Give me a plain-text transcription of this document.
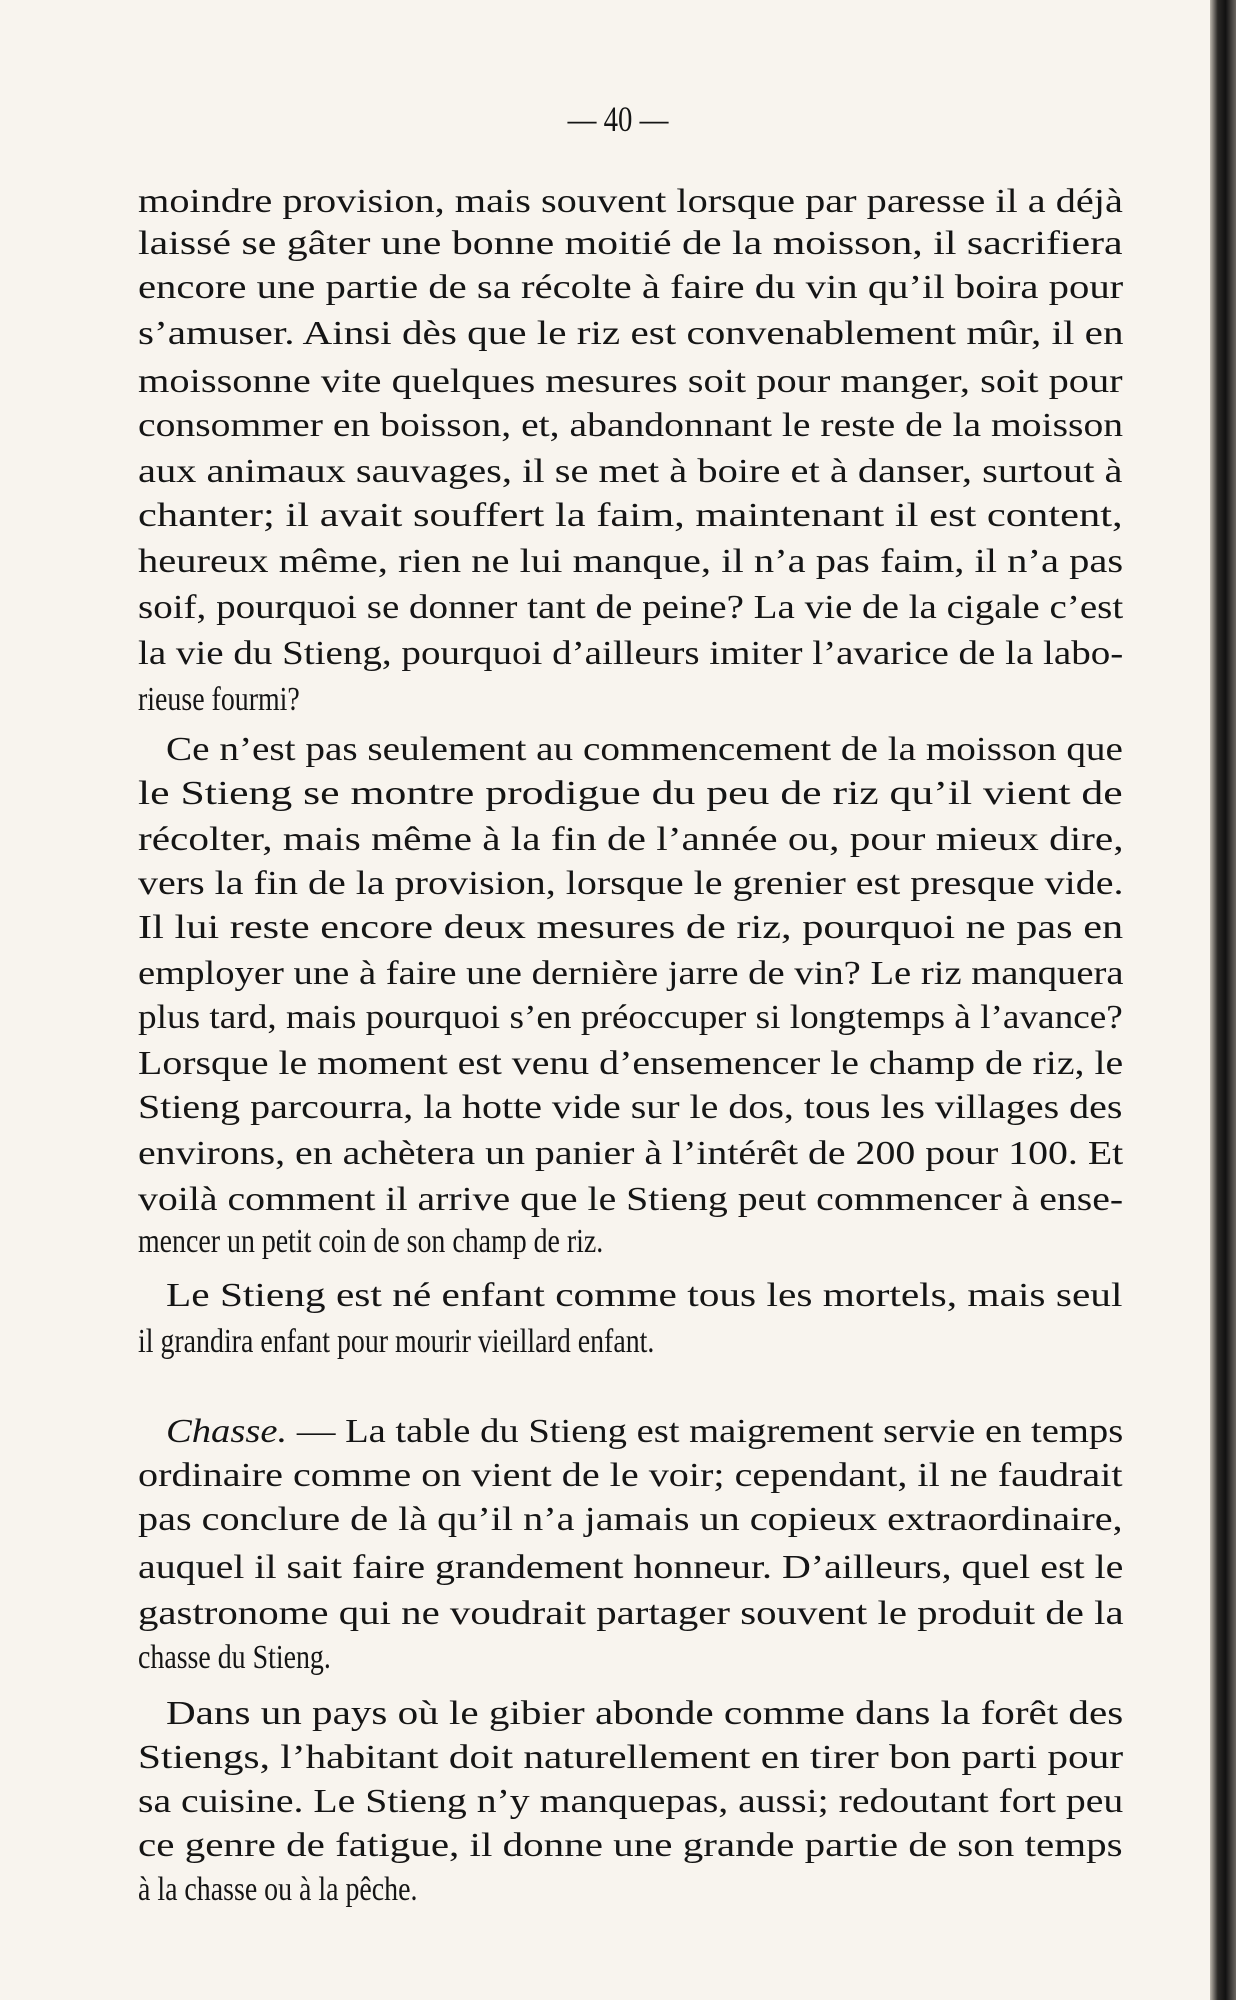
— 40 —
moindre provision, mais souvent lorsque par paresse il a déjà
laissé se gâter une bonne moitié de la moisson, il sacrifiera
encore une partie de sa récolte à faire du vin qu’il boira pour
s’amuser. Ainsi dès que le riz est convenablement mûr, il en
moissonne vite quelques mesures soit pour manger, soit pour
consommer en boisson, et, abandonnant le reste de la moisson
aux animaux sauvages, il se met à boire et à danser, surtout à
chanter; il avait souffert la faim, maintenant il est content,
heureux même, rien ne lui manque, il n’a pas faim, il n’a pas
soif, pourquoi se donner tant de peine? La vie de la cigale c’est
la vie du Stieng, pourquoi d’ailleurs imiter l’avarice de la labo-
rieuse fourmi?
Ce n’est pas seulement au commencement de la moisson que
le Stieng se montre prodigue du peu de riz qu’il vient de
récolter, mais même à la fin de l’année ou, pour mieux dire,
vers la fin de la provision, lorsque le grenier est presque vide.
Il lui reste encore deux mesures de riz, pourquoi ne pas en
employer une à faire une dernière jarre de vin? Le riz manquera
plus tard, mais pourquoi s’en préoccuper si longtemps à l’avance?
Lorsque le moment est venu d’ensemencer le champ de riz, le
Stieng parcourra, la hotte vide sur le dos, tous les villages des
environs, en achètera un panier à l’intérêt de 200 pour 100. Et
voilà comment il arrive que le Stieng peut commencer à ense-
mencer un petit coin de son champ de riz.
Le Stieng est né enfant comme tous les mortels, mais seul
il grandira enfant pour mourir vieillard enfant.
Chasse. — La table du Stieng est maigrement servie en temps
ordinaire comme on vient de le voir; cependant, il ne faudrait
pas conclure de là qu’il n’a jamais un copieux extraordinaire,
auquel il sait faire grandement honneur. D’ailleurs, quel est le
gastronome qui ne voudrait partager souvent le produit de la
chasse du Stieng.
Dans un pays où le gibier abonde comme dans la forêt des
Stiengs, l’habitant doit naturellement en tirer bon parti pour
sa cuisine. Le Stieng n’y manquepas, aussi; redoutant fort peu
ce genre de fatigue, il donne une grande partie de son temps
à la chasse ou à la pêche.
